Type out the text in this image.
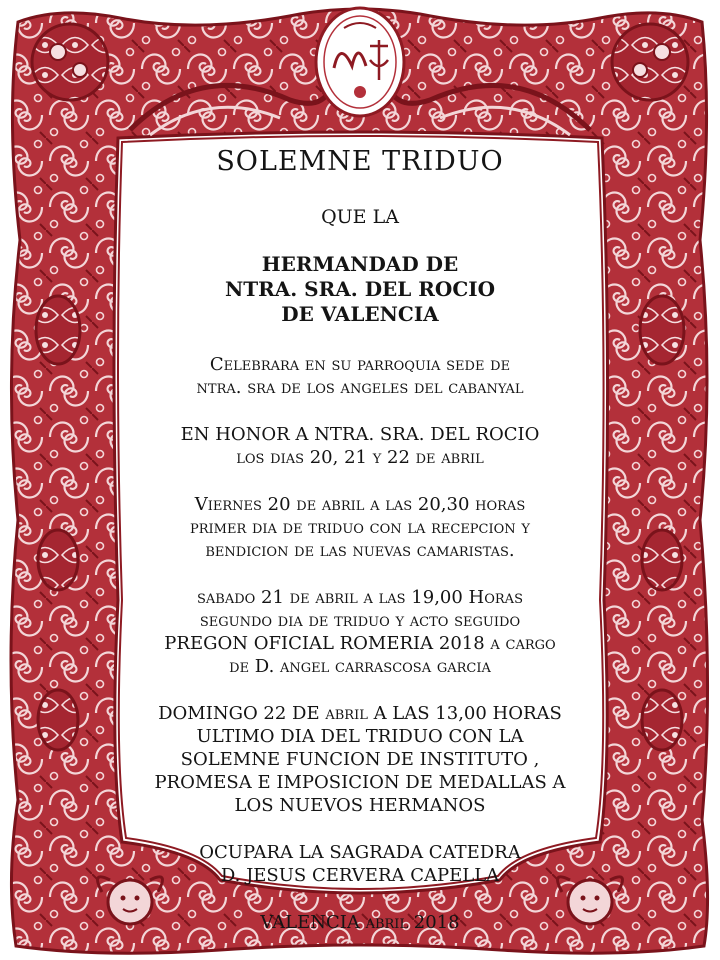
SOLEMNE TRIDUO
QUE LA
HERMANDAD DE
NTRA. SRA. DEL ROCIO
DE VALENCIA
Celebrara en su parroquia sede de
ntra. sra de los angeles del cabanyal
EN HONOR A NTRA. SRA. DEL ROCIO
los dias 20, 21 y 22 de abril
Viernes 20 de abril a las 20,30 horas
primer dia de triduo con la recepcion y
bendicion de las nuevas camaristas.
sabado 21 de abril a las 19,00 Horas
segundo dia de triduo y acto seguido
PREGON OFICIAL ROMERIA 2018 a cargo
de D. angel carrascosa garcia
DOMINGO 22 DE abril A LAS 13,00 HORAS
ULTIMO DIA DEL TRIDUO CON LA
SOLEMNE FUNCION DE INSTITUTO ,
PROMESA E IMPOSICION DE MEDALLAS A
LOS NUEVOS HERMANOS
OCUPARA LA SAGRADA CATEDRA
D. JESUS CERVERA CAPELLA
VALENCIA abril 2018
